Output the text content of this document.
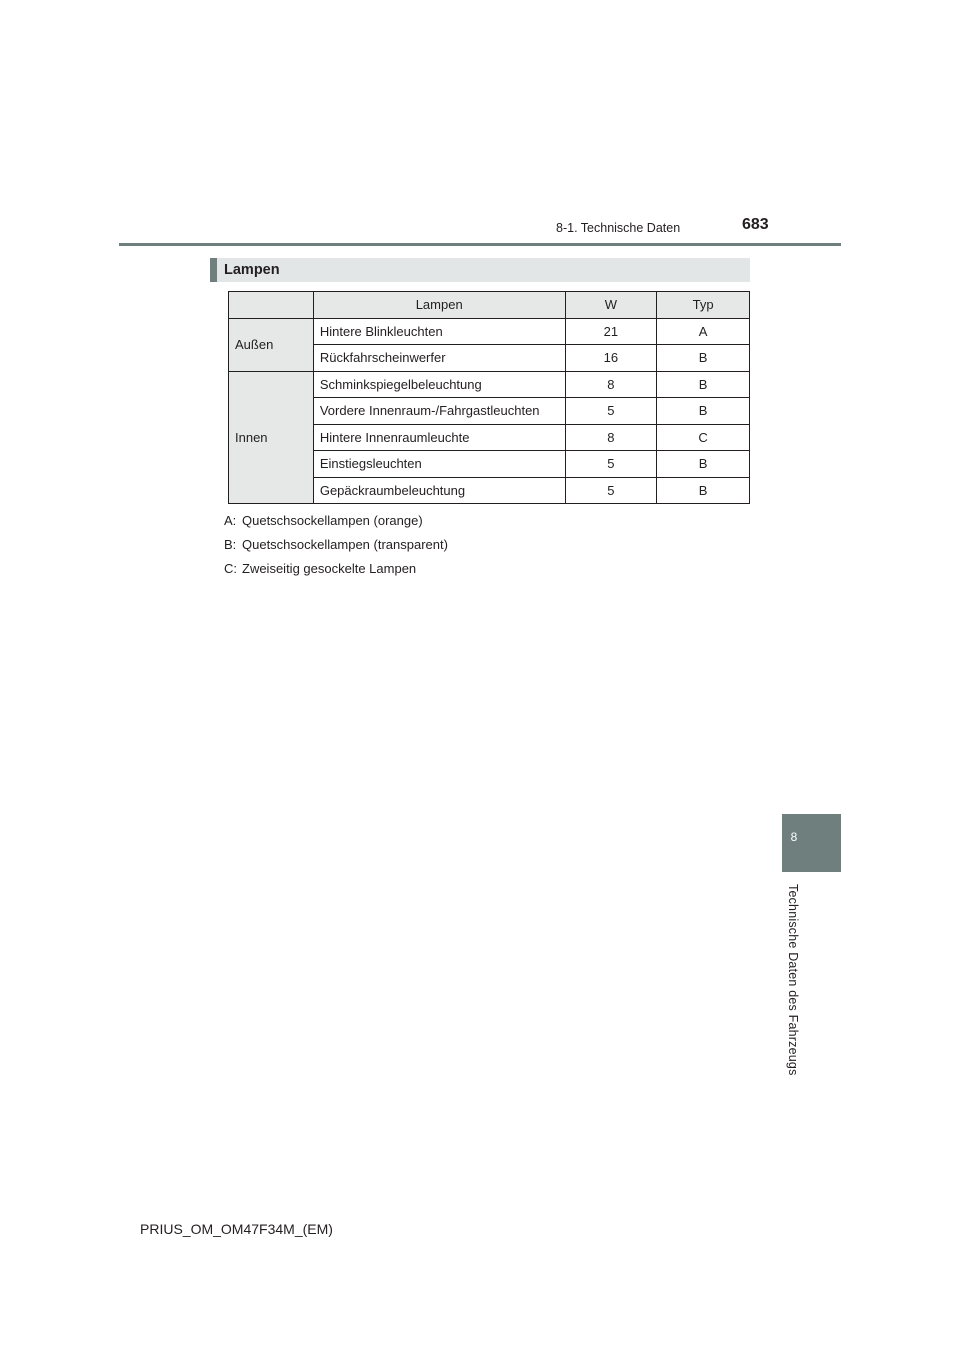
8-1. Technische Daten	683
Lampen
	Lampen	W	Typ
Außen	Hintere Blinkleuchten	21	A
	Rückfahrscheinwerfer	16	B
Innen	Schminkspiegelbeleuchtung	8	B
	Vordere Innenraum-/Fahrgastleuchten	5	B
	Hintere Innenraumleuchte	8	C
	Einstiegsleuchten	5	B
	Gepäckraumbeleuchtung	5	B
A: Quetschsockellampen (orange)
B: Quetschsockellampen (transparent)
C: Zweiseitig gesockelte Lampen
8
Technische Daten des Fahrzeugs
PRIUS_OM_OM47F34M_(EM)
